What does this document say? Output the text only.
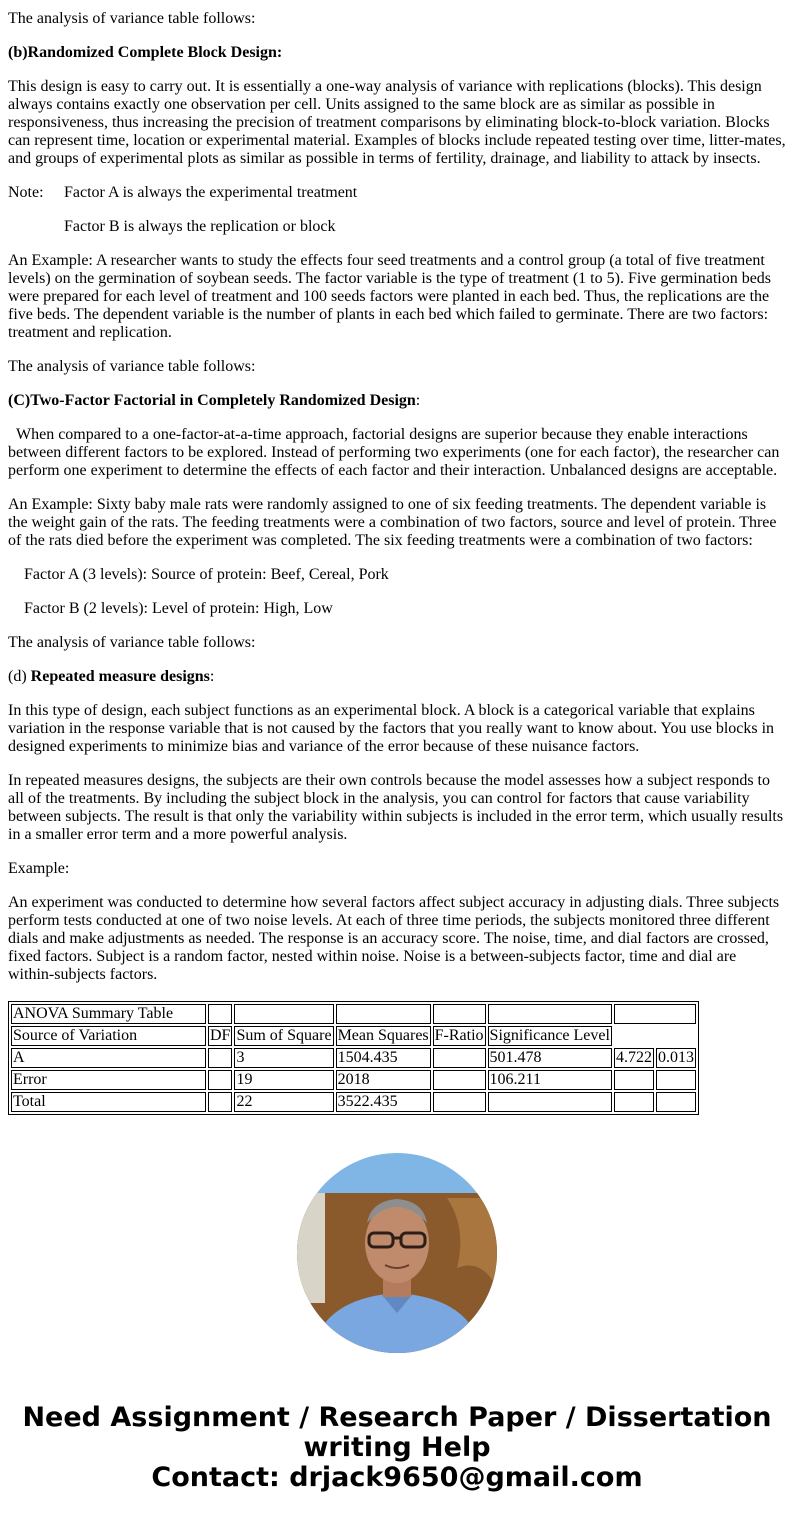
The analysis of variance table follows:

(b)Randomized Complete Block Design:

This design is easy to carry out. It is essentially a one-way analysis of variance with replications (blocks). This design always contains exactly one observation per cell. Units assigned to the same block are as similar as possible in responsiveness, thus increasing the precision of treatment comparisons by eliminating block-to-block variation. Blocks can represent time, location or experimental material. Examples of blocks include repeated testing over time, litter-mates, and groups of experimental plots as similar as possible in terms of fertility, drainage, and liability to attack by insects.

Note: Factor A is always the experimental treatment

Factor B is always the replication or block

An Example: A researcher wants to study the effects four seed treatments and a control group (a total of five treatment levels) on the germination of soybean seeds. The factor variable is the type of treatment (1 to 5). Five germination beds were prepared for each level of treatment and 100 seeds factors were planted in each bed. Thus, the replications are the five beds. The dependent variable is the number of plants in each bed which failed to germinate. There are two factors: treatment and replication.

The analysis of variance table follows:

(C)Two-Factor Factorial in Completely Randomized Design:

When compared to a one-factor-at-a-time approach, factorial designs are superior because they enable interactions between different factors to be explored. Instead of performing two experiments (one for each factor), the researcher can perform one experiment to determine the effects of each factor and their interaction. Unbalanced designs are acceptable.

An Example: Sixty baby male rats were randomly assigned to one of six feeding treatments. The dependent variable is the weight gain of the rats. The feeding treatments were a combination of two factors, source and level of protein. Three of the rats died before the experiment was completed. The six feeding treatments were a combination of two factors:

Factor A (3 levels): Source of protein: Beef, Cereal, Pork

Factor B (2 levels): Level of protein: High, Low

The analysis of variance table follows:

(d) Repeated measure designs:

In this type of design, each subject functions as an experimental block. A block is a categorical variable that explains variation in the response variable that is not caused by the factors that you really want to know about. You use blocks in designed experiments to minimize bias and variance of the error because of these nuisance factors.

In repeated measures designs, the subjects are their own controls because the model assesses how a subject responds to all of the treatments. By including the subject block in the analysis, you can control for factors that cause variability between subjects. The result is that only the variability within subjects is included in the error term, which usually results in a smaller error term and a more powerful analysis.

Example:

An experiment was conducted to determine how several factors affect subject accuracy in adjusting dials. Three subjects perform tests conducted at one of two noise levels. At each of three time periods, the subjects monitored three different dials and make adjustments as needed. The response is an accuracy score. The noise, time, and dial factors are crossed, fixed factors. Subject is a random factor, nested within noise. Noise is a between-subjects factor, time and dial are within-subjects factors.

ANOVA Summary Table							
Source of Variation	DF	Sum of Square	Mean Squares	F-Ratio	Significance Level		
A		3	1504.435		501.478	4.722	0.013
Error		19	2018		106.211		
Total		22	3522.435				
Need Assignment / Research Paper / Dissertation
writing Help
Contact: drjack9650@gmail.com
